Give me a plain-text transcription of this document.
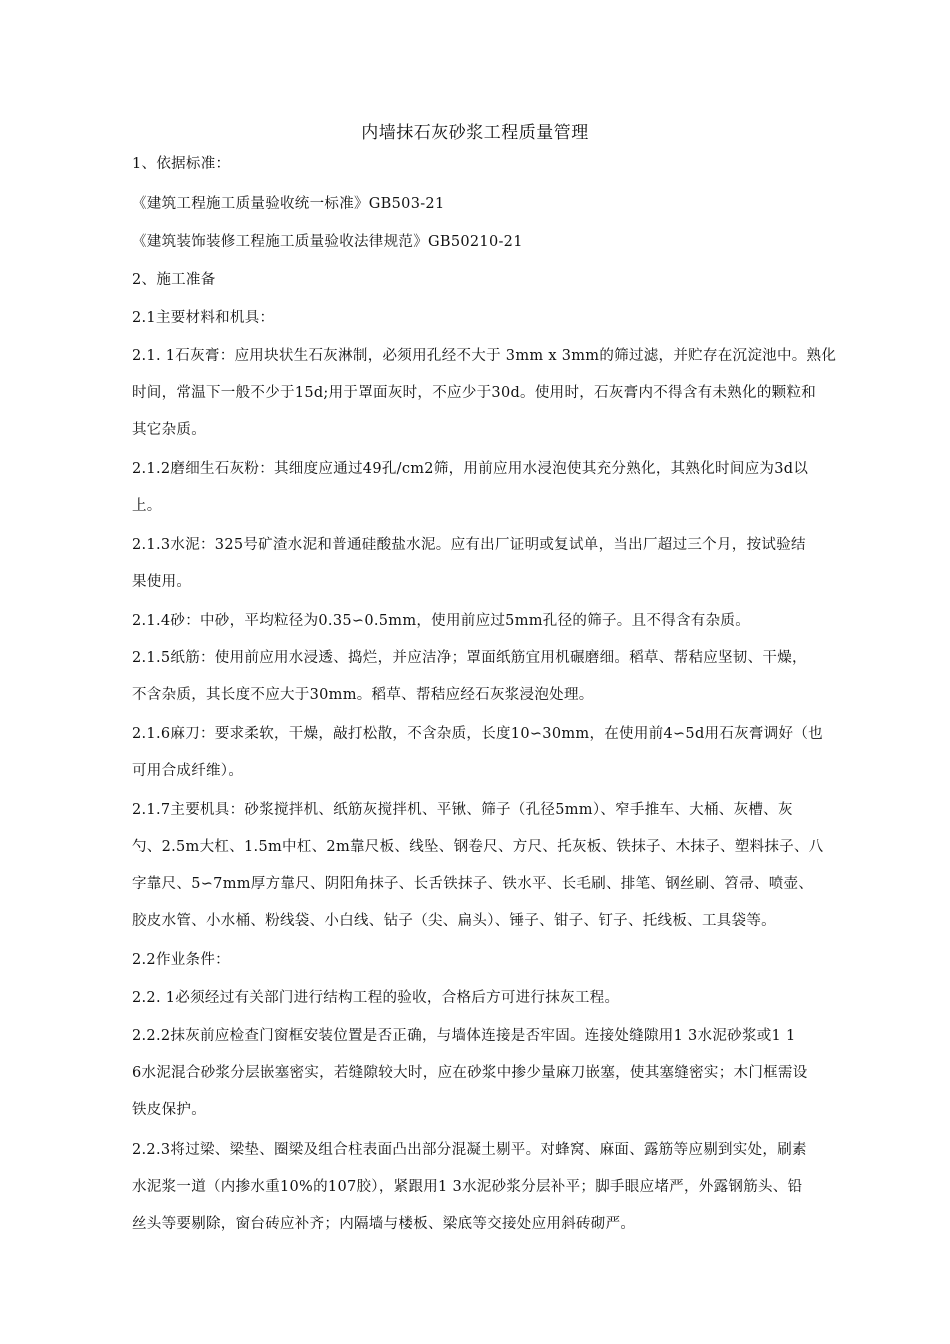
内墙抹石灰砂浆工程质量管理
1、依据标准：
《建筑工程施工质量验收统一标准》GB503-21
《建筑装饰装修工程施工质量验收法律规范》GB50210-21
2、施工准备
2.1主要材料和机具：
2.1. 1石灰膏：应用块状生石灰淋制，必须用孔经不大于 3mm x 3mm的筛过滤，并贮存在沉淀池中。熟化
时间，常温下一般不少于15d;用于罩面灰时，不应少于30d。使用时，石灰膏内不得含有未熟化的颗粒和
其它杂质。
2.1.2磨细生石灰粉：其细度应通过49孔/cm2筛，用前应用水浸泡使其充分熟化，其熟化时间应为3d以
上。
2.1.3水泥：325号矿渣水泥和普通硅酸盐水泥。应有出厂证明或复试单，当出厂超过三个月，按试验结
果使用。
2.1.4砂：中砂，平均粒径为0.35∽0.5mm，使用前应过5mm孔径的筛子。且不得含有杂质。
2.1.5纸筋：使用前应用水浸透、捣烂，并应洁净；罩面纸筋宜用机碾磨细。稻草、帮秸应坚韧、干燥，
不含杂质，其长度不应大于30mm。稻草、帮秸应经石灰浆浸泡处理。
2.1.6麻刀：要求柔软，干燥，敲打松散，不含杂质，长度10∽30mm，在使用前4∽5d用石灰膏调好（也
可用合成纤维）。
2.1.7主要机具：砂浆搅拌机、纸筋灰搅拌机、平锹、筛子（孔径5mm）、窄手推车、大桶、灰槽、灰
勺、2.5m大杠、1.5m中杠、2m靠尺板、线坠、钢卷尺、方尺、托灰板、铁抹子、木抹子、塑料抹子、八
字靠尺、5∽7mm厚方靠尺、阴阳角抹子、长舌铁抹子、铁水平、长毛刷、排笔、钢丝刷、笤帚、喷壶、
胶皮水管、小水桶、粉线袋、小白线、钻子（尖、扁头）、锤子、钳子、钉子、托线板、工具袋等。
2.2作业条件：
2.2. 1必须经过有关部门进行结构工程的验收，合格后方可进行抹灰工程。
2.2.2抹灰前应检查门窗框安装位置是否正确，与墙体连接是否牢固。连接处缝隙用1 3水泥砂浆或1 1
6水泥混合砂浆分层嵌塞密实，若缝隙较大时，应在砂浆中掺少量麻刀嵌塞，使其塞缝密实；木门框需设
铁皮保护。
2.2.3将过梁、梁垫、圈梁及组合柱表面凸出部分混凝土剔平。对蜂窝、麻面、露筋等应剔到实处，刷素
水泥浆一道（内掺水重10%的107胶），紧跟用1 3水泥砂浆分层补平；脚手眼应堵严，外露钢筋头、铅
丝头等要剔除，窗台砖应补齐；内隔墙与楼板、梁底等交接处应用斜砖砌严。
